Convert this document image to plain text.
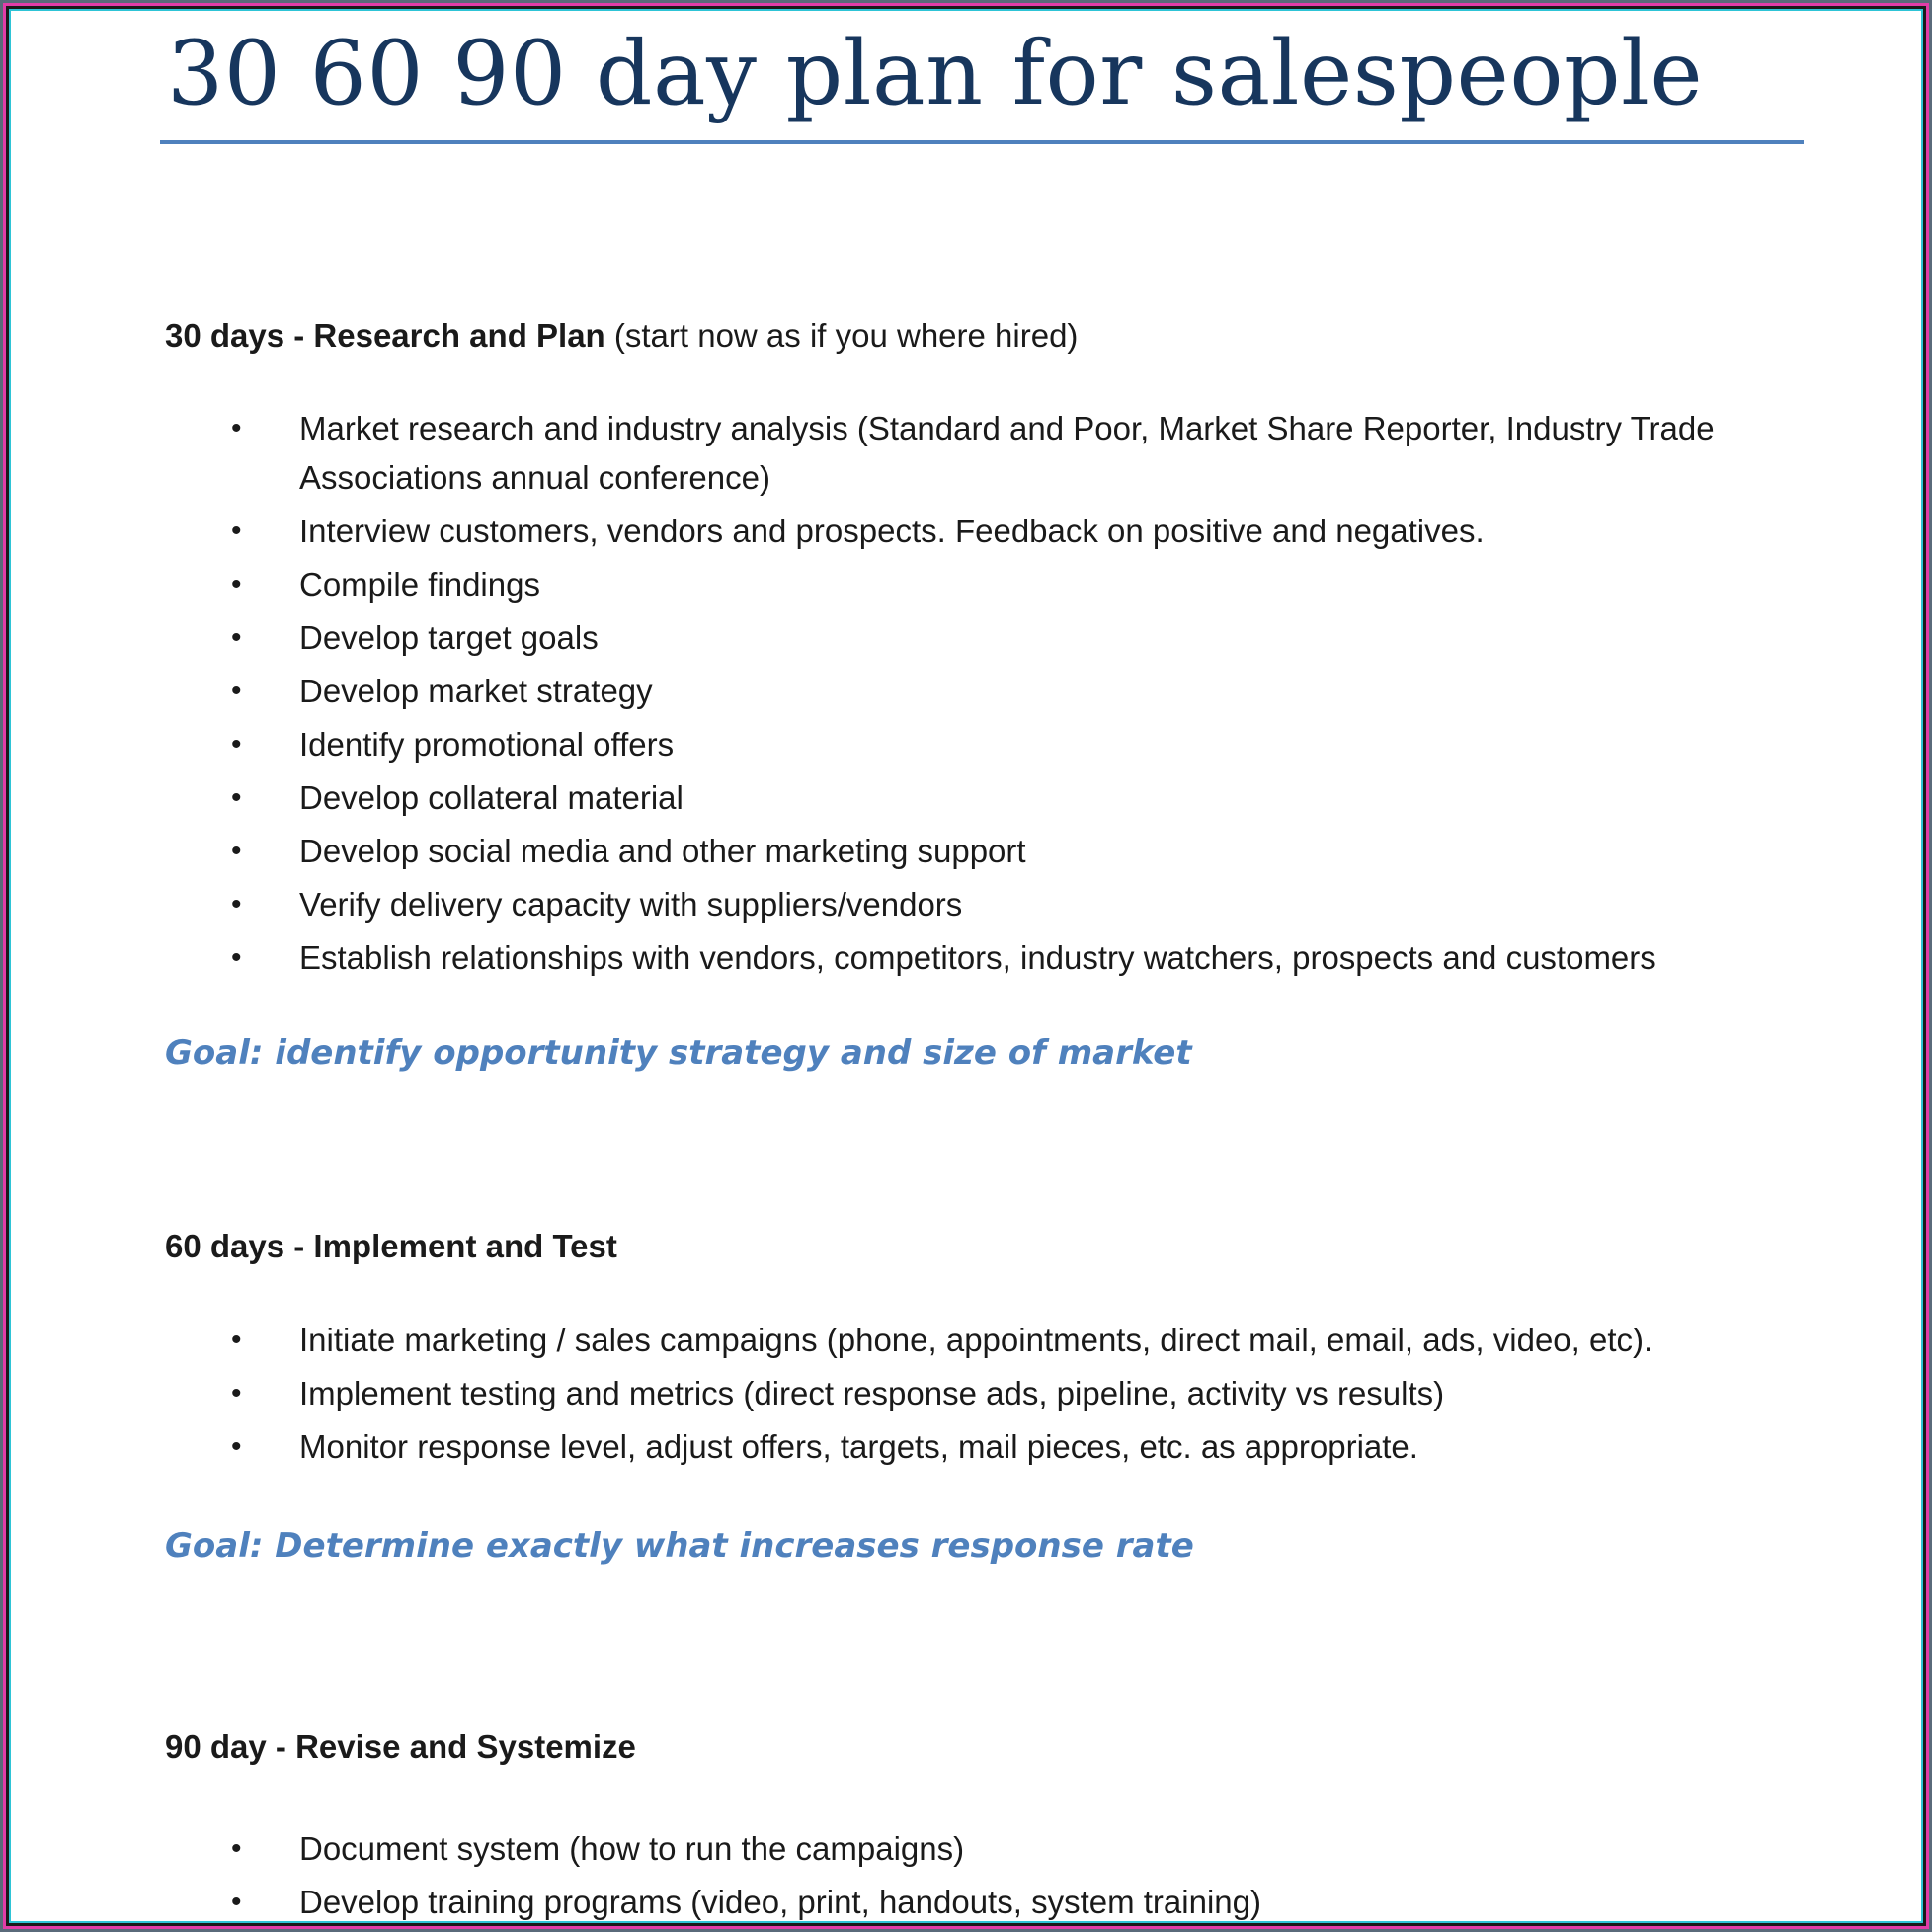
30 60 90 day plan for salespeople
30 days - Research and Plan (start now as if you where hired)
• Market research and industry analysis (Standard and Poor, Market Share Reporter, Industry Trade Associations annual conference)
• Interview customers, vendors and prospects. Feedback on positive and negatives.
• Compile findings
• Develop target goals
• Develop market strategy
• Identify promotional offers
• Develop collateral material
• Develop social media and other marketing support
• Verify delivery capacity with suppliers/vendors
• Establish relationships with vendors, competitors, industry watchers, prospects and customers
Goal: identify opportunity strategy and size of market
60 days - Implement and Test
• Initiate marketing / sales campaigns (phone, appointments, direct mail, email, ads, video, etc).
• Implement testing and metrics (direct response ads, pipeline, activity vs results)
• Monitor response level, adjust offers, targets, mail pieces, etc. as appropriate.
Goal: Determine exactly what increases response rate
90 day - Revise and Systemize
• Document system (how to run the campaigns)
• Develop training programs (video, print, handouts, system training)
